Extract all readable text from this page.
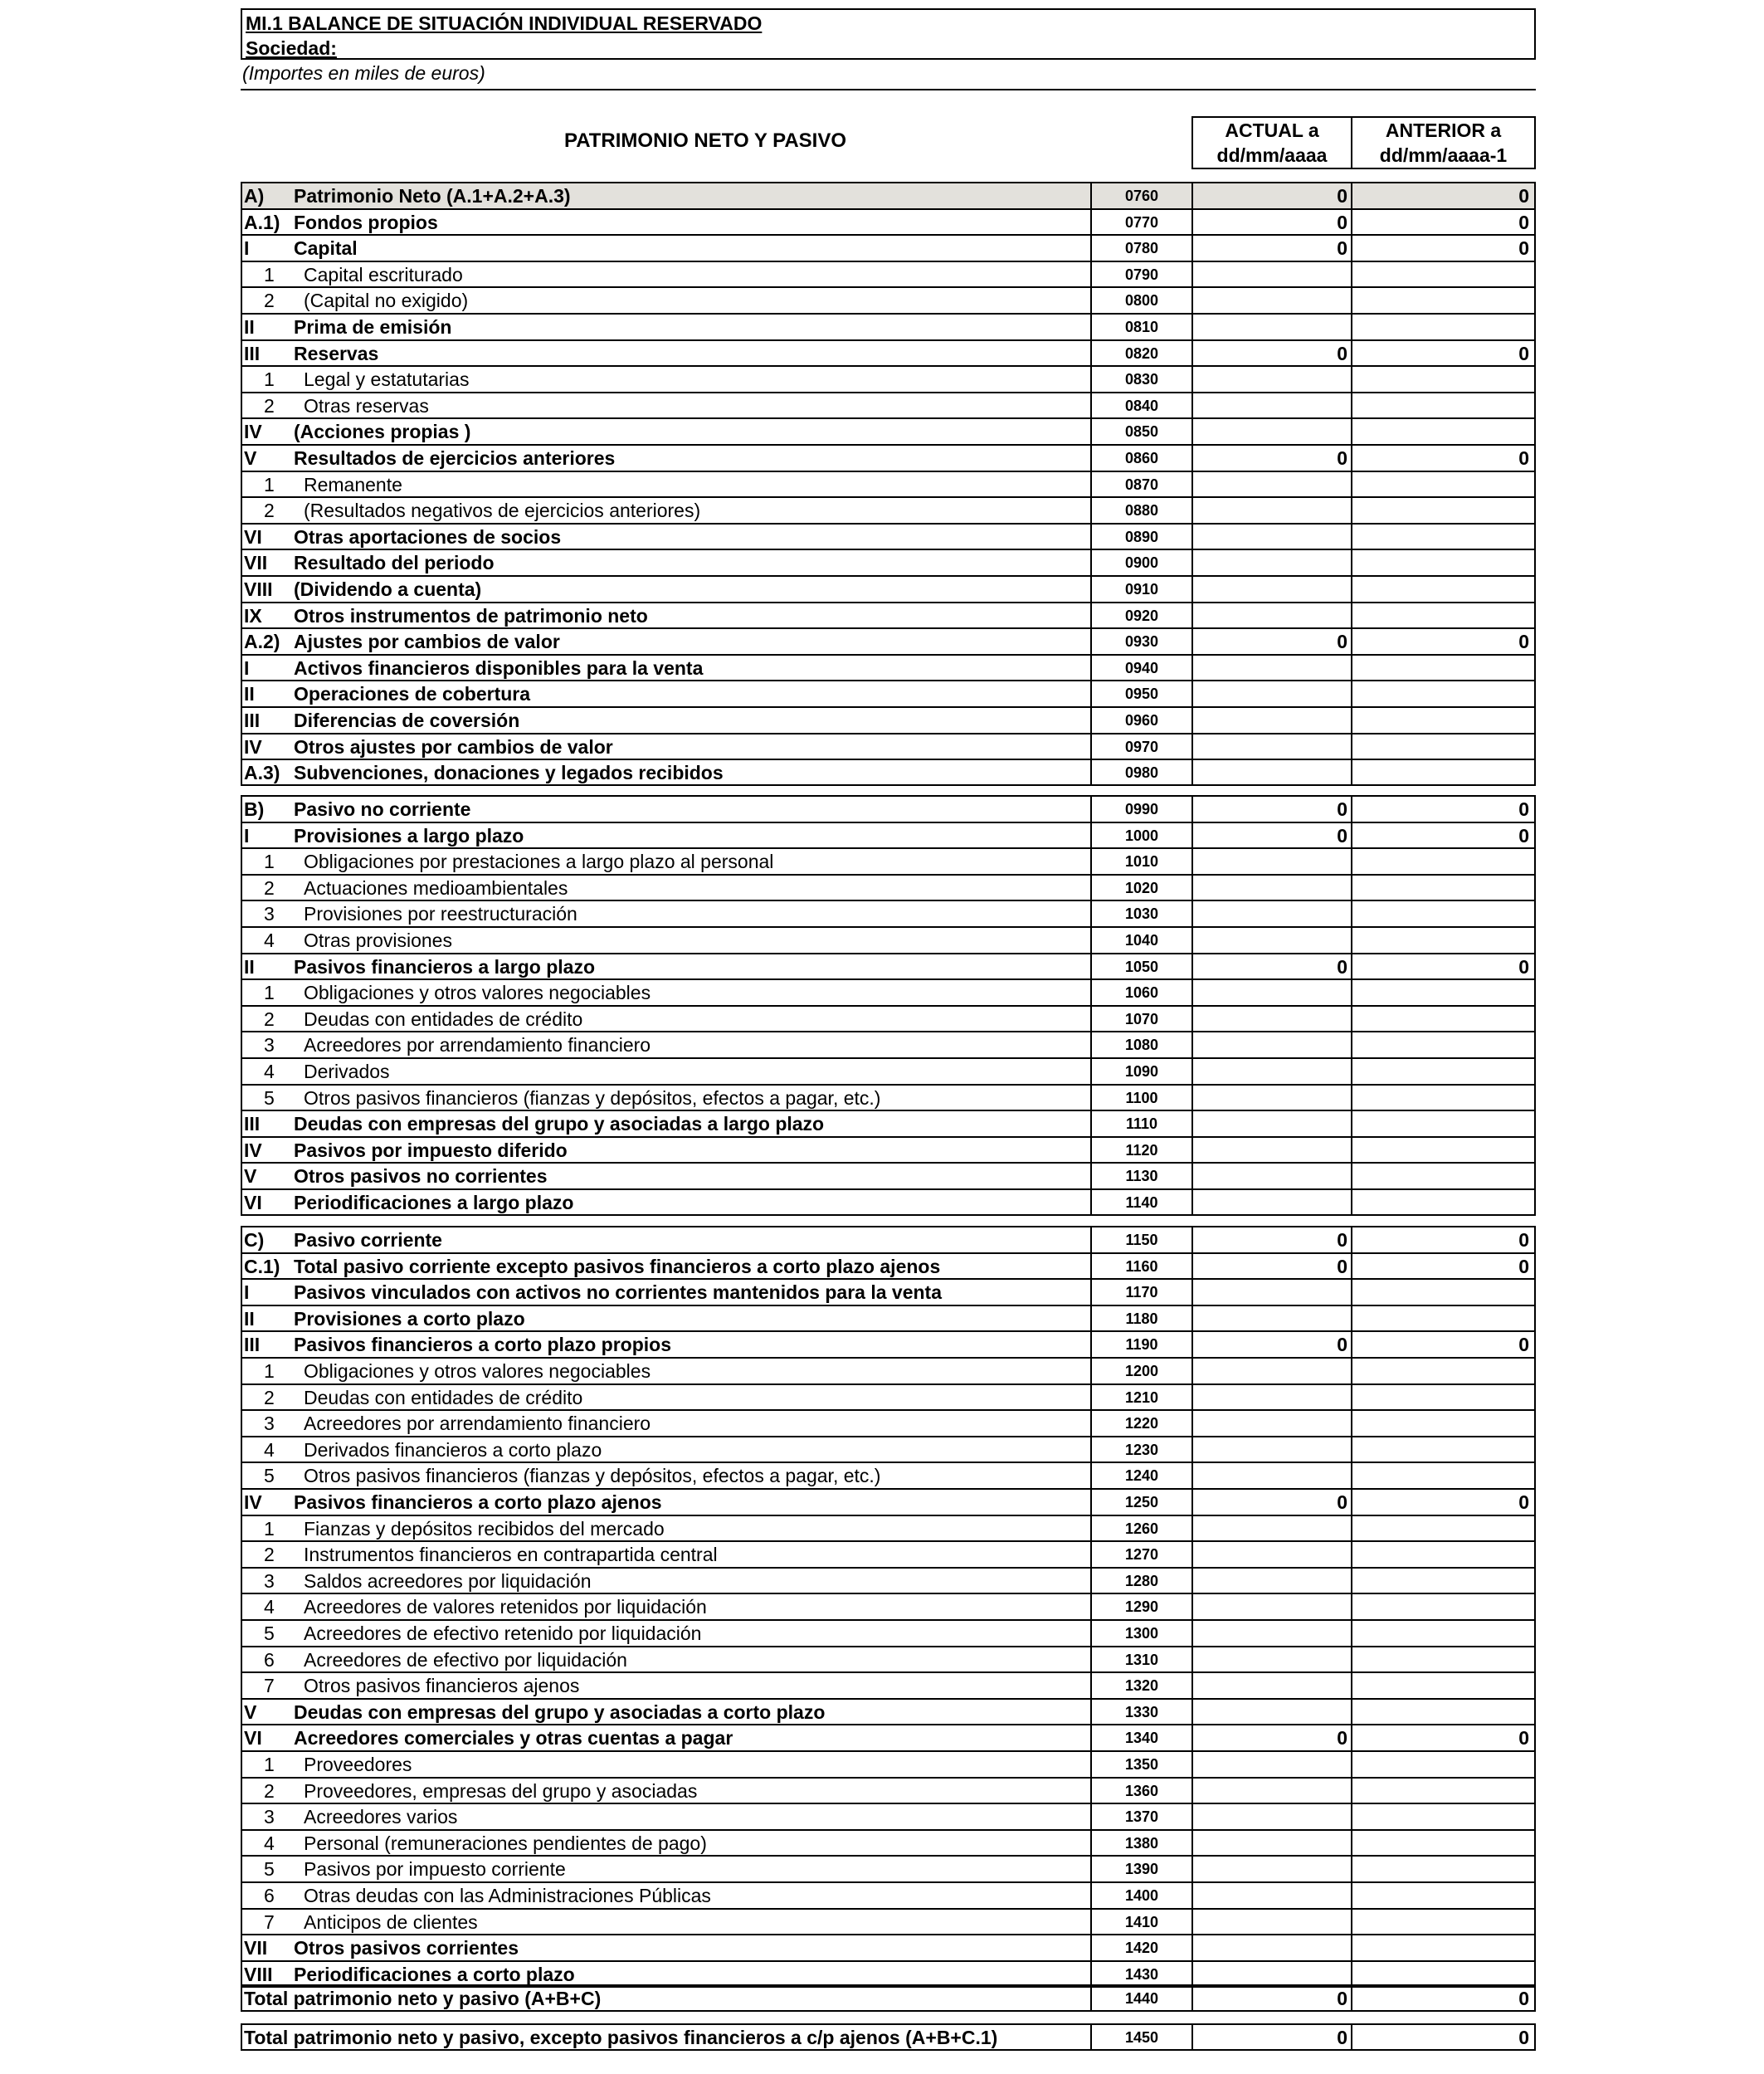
MI.1 BALANCE DE SITUACIÓN INDIVIDUAL RESERVADO
Sociedad:
(Importes en miles de euros)
PATRIMONIO NETO Y PASIVO	ACTUAL a
dd/mm/aaaa
ANTERIOR a
dd/mm/aaaa-1
A) Patrimonio Neto (A.1+A.2+A.3)	0760	0	0
A.1) Fondos propios	0770	0	0
I Capital	0780	0	0
1 Capital escriturado	0790
2 (Capital no exigido)	0800
II Prima de emisión	0810
III Reservas	0820	0	0
1 Legal y estatutarias	0830
2 Otras reservas	0840
IV (Acciones propias )	0850
V Resultados de ejercicios anteriores	0860	0	0
1 Remanente	0870
2 (Resultados negativos de ejercicios anteriores)	0880
VI Otras aportaciones de socios	0890
VII Resultado del periodo	0900
VIII (Dividendo a cuenta)	0910
IX Otros instrumentos de patrimonio neto	0920
A.2) Ajustes por cambios de valor	0930	0	0
I Activos financieros disponibles para la venta	0940
II Operaciones de cobertura	0950
III Diferencias de coversión	0960
IV Otros ajustes por cambios de valor	0970
A.3) Subvenciones, donaciones y legados recibidos	0980
B) Pasivo no corriente	0990	0	0
I Provisiones a largo plazo	1000	0	0
1 Obligaciones por prestaciones a largo plazo al personal	1010
2 Actuaciones medioambientales	1020
3 Provisiones por reestructuración	1030
4 Otras provisiones	1040
II Pasivos financieros a largo plazo	1050	0	0
1 Obligaciones y otros valores negociables	1060
2 Deudas con entidades de crédito	1070
3 Acreedores por arrendamiento financiero	1080
4 Derivados	1090
5 Otros pasivos financieros (fianzas y depósitos, efectos a pagar, etc.)	1100
III Deudas con empresas del grupo y asociadas a largo plazo	1110
IV Pasivos por impuesto diferido	1120
V Otros pasivos no corrientes	1130
VI Periodificaciones a largo plazo	1140
C) Pasivo corriente	1150	0	0
C.1) Total pasivo corriente excepto pasivos financieros a corto plazo ajenos	1160	0	0
I Pasivos vinculados con activos no corrientes mantenidos para la venta	1170
II Provisiones a corto plazo	1180
III Pasivos financieros a corto plazo propios	1190	0	0
1 Obligaciones y otros valores negociables	1200
2 Deudas con entidades de crédito	1210
3 Acreedores por arrendamiento financiero	1220
4 Derivados financieros a corto plazo	1230
5 Otros pasivos financieros (fianzas y depósitos, efectos a pagar, etc.)	1240
IV Pasivos financieros a corto plazo ajenos	1250	0	0
1 Fianzas y depósitos recibidos del mercado	1260
2 Instrumentos financieros en contrapartida central	1270
3 Saldos acreedores por liquidación	1280
4 Acreedores de valores retenidos por liquidación	1290
5 Acreedores de efectivo retenido por liquidación	1300
6 Acreedores de efectivo por liquidación	1310
7 Otros pasivos financieros ajenos	1320
V Deudas con empresas del grupo y asociadas a corto plazo	1330
VI Acreedores comerciales y otras cuentas a pagar	1340	0	0
1 Proveedores	1350
2 Proveedores, empresas del grupo y asociadas	1360
3 Acreedores varios	1370
4 Personal (remuneraciones pendientes de pago)	1380
5 Pasivos por impuesto corriente	1390
6 Otras deudas con las Administraciones Públicas	1400
7 Anticipos de clientes	1410
VII Otros pasivos corrientes	1420
VIII Periodificaciones a corto plazo	1430
Total patrimonio neto y pasivo (A+B+C)	1440	0	0
Total patrimonio neto y pasivo, excepto pasivos financieros a c/p ajenos (A+B+C.1)	1450	0	0
